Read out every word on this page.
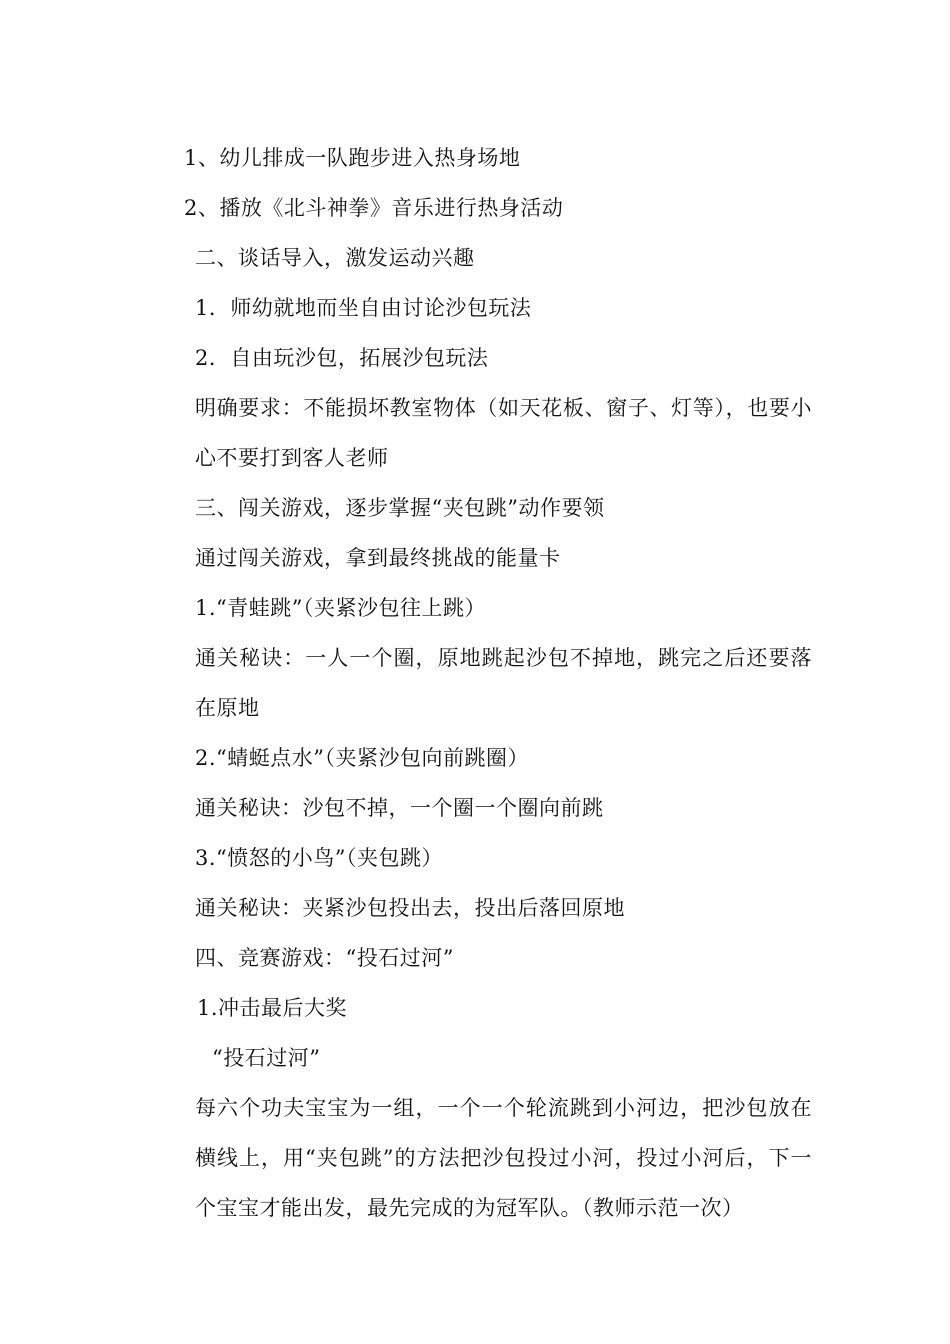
1、幼儿排成一队跑步进入热身场地
2、播放《北斗神拳》音乐进行热身活动
二、谈话导入，激发运动兴趣
1．师幼就地而坐自由讨论沙包玩法
2．自由玩沙包，拓展沙包玩法
明确要求：不能损坏教室物体（如天花板、窗子、灯等），也要小心不要打到客人老师
三、闯关游戏，逐步掌握“夹包跳”动作要领
通过闯关游戏，拿到最终挑战的能量卡
1.“青蛙跳”（夹紧沙包往上跳）
通关秘诀：一人一个圈，原地跳起沙包不掉地，跳完之后还要落在原地
2.“蜻蜓点水”（夹紧沙包向前跳圈）
通关秘诀：沙包不掉，一个圈一个圈向前跳
3.“愤怒的小鸟”（夹包跳）
通关秘诀：夹紧沙包投出去，投出后落回原地
四、竞赛游戏：“投石过河”
1.冲击最后大奖
“投石过河”
每六个功夫宝宝为一组，一个一个轮流跳到小河边，把沙包放在横线上，用“夹包跳”的方法把沙包投过小河，投过小河后，下一个宝宝才能出发，最先完成的为冠军队。（教师示范一次）
